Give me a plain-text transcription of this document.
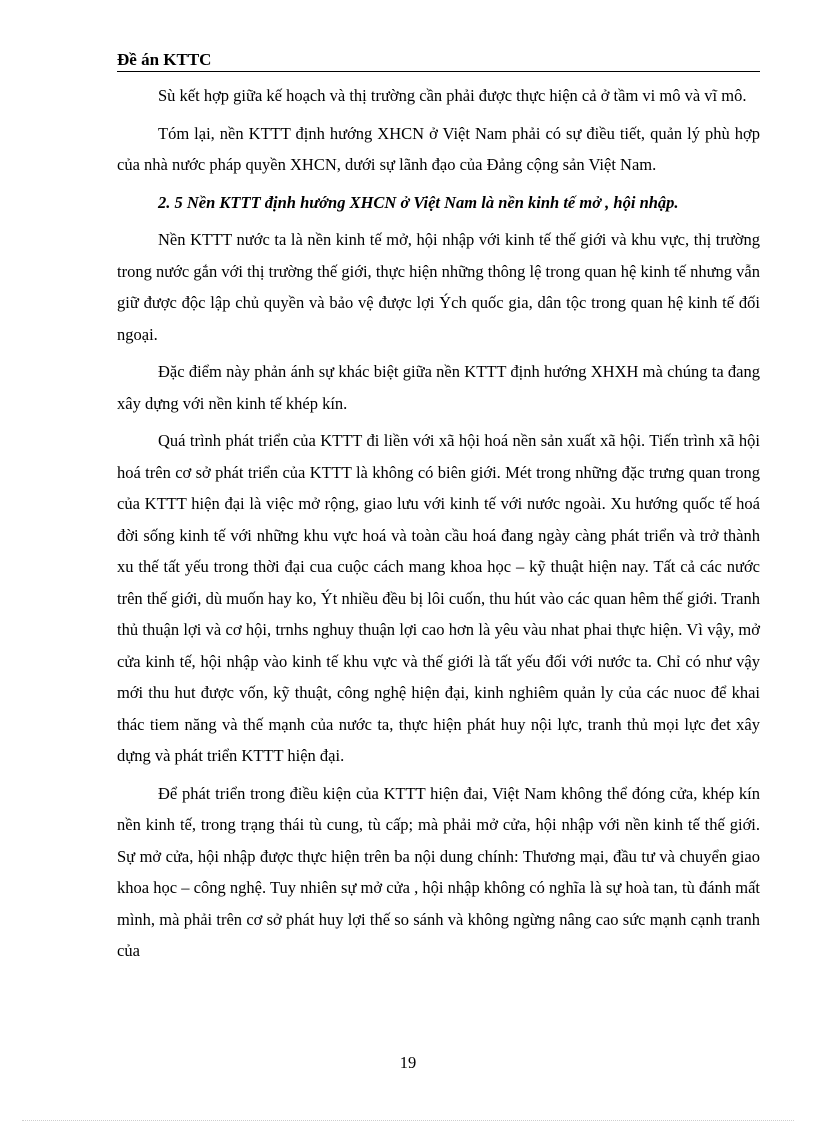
Đề án KTTC

Sù kết hợp giữa kế hoạch và thị trường cần phải được thực hiện cả ở tầm vi mô và vĩ mô.

Tóm lại, nền KTTT định hướng XHCN ở Việt Nam phải có sự điều tiết, quản lý phù hợp của nhà nước pháp quyền XHCN, dưới sự lãnh đạo của Đảng cộng sản Việt Nam.

2. 5 Nền KTTT định hướng XHCN ở Việt Nam là nền kinh tế mở , hội nhập.

Nền KTTT nước ta là nền kinh tế mở, hội nhập với kinh tế thế giới và khu vực, thị trường trong nước gắn với thị trường thế giới, thực hiện những thông lệ trong quan hệ kinh tế nhưng vẫn giữ được độc lập chủ quyền và bảo vệ được lợi Ých quốc gia, dân tộc trong quan hệ kinh tế đối ngoại.

Đặc điểm này phản ánh sự khác biệt giữa nền KTTT định hướng XHXH mà chúng ta đang xây dựng với nền kinh tế khép kín.

Quá trình phát triển của KTTT đi liền với xã hội hoá nền sản xuất xã hội. Tiến trình xã hội hoá trên cơ sở phát triển của KTTT là không có biên giới. Mét trong những đặc trưng quan trong của KTTT hiện đại là việc mở rộng, giao lưu với kinh tế với nước ngoài. Xu hướng quốc tế hoá đời sống kinh tế với những khu vực hoá và toàn cầu hoá đang ngày càng phát triển và trở thành xu thế tất yếu trong thời đại cua cuộc cách mang khoa học – kỹ thuật hiện nay. Tất cả các nước trên thế giới, dù muốn hay ko, Ýt nhiều đều bị lôi cuốn, thu hút vào các quan hêm thế giới. Tranh thủ thuận lợi và cơ hội, trnhs nghuy thuận lợi cao hơn là yêu vàu nhat phai thực hiện. Vì vậy, mở cửa kinh tế, hội nhập vào kinh tế khu vực và thế giới là tất yếu đối với nước ta. Chỉ có như vậy mới thu hut được vốn, kỹ thuật, công nghệ hiện đại, kinh nghiêm quản ly của các nuoc để khai thác tiem năng và thế mạnh của nước ta, thực hiện phát huy nội lực, tranh thủ mọi lực đet xây dựng và phát triển KTTT hiện đại.

Để phát triển trong điều kiện của KTTT hiện đai, Việt Nam không thể đóng cửa, khép kín nền kinh tế, trong trạng thái tù cung, tù cấp; mà phải mở cửa, hội nhập với nền kinh tế thế giới. Sự mở cửa, hội nhập được thực hiện trên ba nội dung chính: Thương mại, đầu tư và chuyển giao khoa học – công nghệ. Tuy nhiên sự mở cửa , hội nhập không có nghĩa là sự hoà tan, tù đánh mất mình, mà phải trên cơ sở phát huy lợi thế so sánh và không ngừng nâng cao sức mạnh cạnh tranh của

19
